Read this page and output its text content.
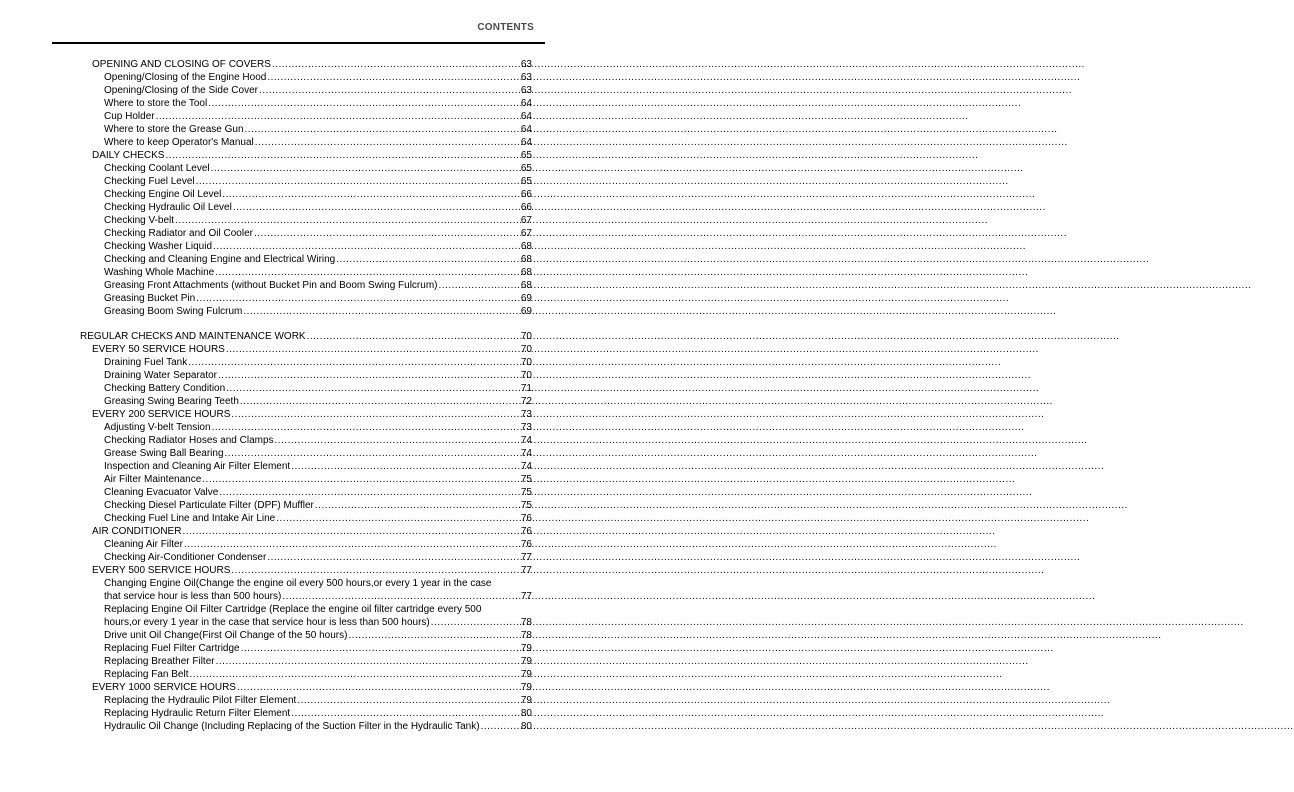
CONTENTS
OPENING AND CLOSING OF COVERS .....	63
Opening/Closing of the Engine Hood .....	63
Opening/Closing of the Side Cover .....	63
Where to store the Tool .....	64
Cup Holder .....	64
Where to store the Grease Gun .....	64
Where to keep Operator's Manual .....	64
DAILY CHECKS .....	65
Checking Coolant Level .....	65
Checking Fuel Level .....	65
Checking Engine Oil Level .....	66
Checking Hydraulic Oil Level .....	66
Checking V-belt .....	67
Checking Radiator and Oil Cooler .....	67
Checking Washer Liquid .....	68
Checking and Cleaning Engine and Electrical Wiring .....	68
Washing Whole Machine .....	68
Greasing Front Attachments (without Bucket Pin and Boom Swing Fulcrum) .....	68
Greasing Bucket Pin .....	69
Greasing Boom Swing Fulcrum .....	69
REGULAR CHECKS AND MAINTENANCE WORK .....	70
EVERY 50 SERVICE HOURS .....	70
Draining Fuel Tank .....	70
Draining Water Separator .....	70
Checking Battery Condition .....	71
Greasing Swing Bearing Teeth .....	72
EVERY 200 SERVICE HOURS .....	73
Adjusting V-belt Tension .....	73
Checking Radiator Hoses and Clamps .....	74
Grease Swing Ball Bearing .....	74
Inspection and Cleaning Air Filter Element .....	74
Air Filter Maintenance .....	75
Cleaning Evacuator Valve .....	75
Checking Diesel Particulate Filter (DPF) Muffler .....	75
Checking Fuel Line and Intake Air Line .....	76
AIR CONDITIONER .....	76
Cleaning Air Filter .....	76
Checking Air-Conditioner Condenser .....	77
EVERY 500 SERVICE HOURS .....	77
Changing Engine Oil(Change the engine oil every 500 hours,or every 1 year in the case
that service hour is less than 500 hours) .....	77
Replacing Engine Oil Filter Cartridge (Replace the engine oil filter cartridge every 500
hours,or every 1 year in the case that service hour is less than 500 hours) .....	78
Drive unit Oil Change(First Oil Change of the 50 hours) .....	78
Replacing Fuel Filter Cartridge .....	79
Replacing Breather Filter .....	79
Replacing Fan Belt .....	79
EVERY 1000 SERVICE HOURS .....	79
Replacing the Hydraulic Pilot Filter Element .....	79
Replacing Hydraulic Return Filter Element .....	80
Hydraulic Oil Change (Including Replacing of the Suction Filter in the Hydraulic Tank) .....	80
